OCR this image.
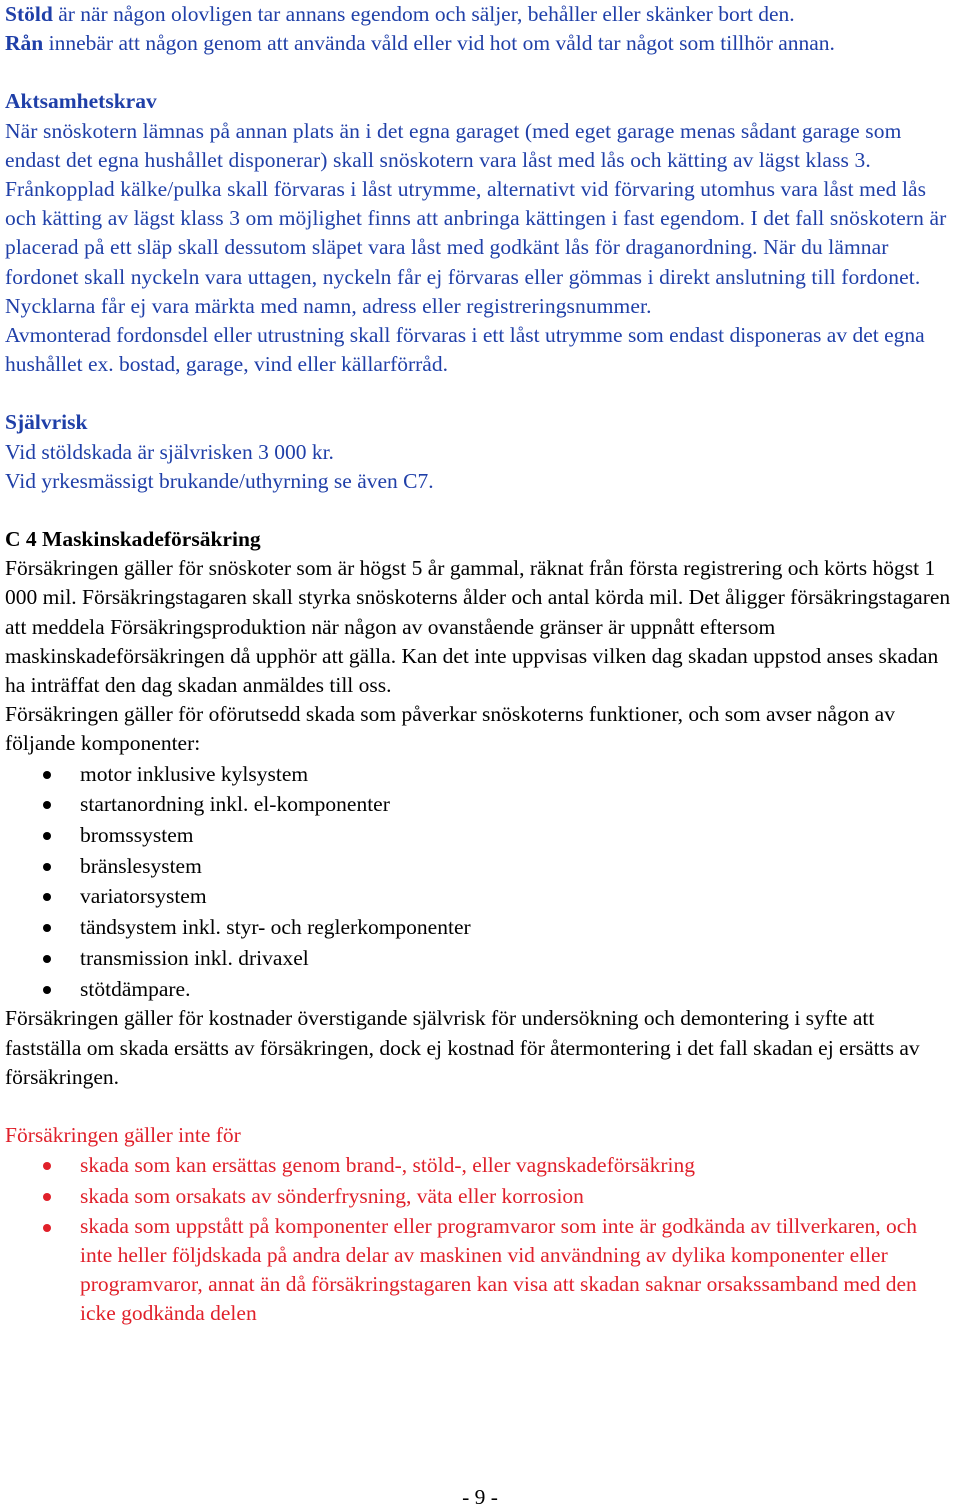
Stöld är när någon olovligen tar annans egendom och säljer, behåller eller skänker bort den.

Rån innebär att någon genom att använda våld eller vid hot om våld tar något som tillhör annan.

Aktsamhetskrav

När snöskotern lämnas på annan plats än i det egna garaget (med eget garage menas sådant garage som endast det egna hushållet disponerar) skall snöskotern vara låst med lås och kätting av lägst klass 3. Frånkopplad kälke/pulka skall förvaras i låst utrymme, alternativt vid förvaring utomhus vara låst med lås och kätting av lägst klass 3 om möjlighet finns att anbringa kättingen i fast egendom. I det fall snöskotern är placerad på ett släp skall dessutom släpet vara låst med godkänt lås för draganordning. När du lämnar fordonet skall nyckeln vara uttagen, nyckeln får ej förvaras eller gömmas i direkt anslutning till fordonet. Nycklarna får ej vara märkta med namn, adress eller registreringsnummer.

Avmonterad fordonsdel eller utrustning skall förvaras i ett låst utrymme som endast disponeras av det egna hushållet ex. bostad, garage, vind eller källarförråd.

Självrisk

Vid stöldskada är självrisken 3 000 kr.

Vid yrkesmässigt brukande/uthyrning se även C7.

C 4 Maskinskadeförsäkring

Försäkringen gäller för snöskoter som är högst 5 år gammal, räknat från första registrering och körts högst 1 000 mil. Försäkringstagaren skall styrka snöskoterns ålder och antal körda mil. Det åligger försäkringstagaren att meddela Försäkringsproduktion när någon av ovanstående gränser är uppnått eftersom maskinskadeförsäkringen då upphör att gälla. Kan det inte uppvisas vilken dag skadan uppstod anses skadan ha inträffat den dag skadan anmäldes till oss.

Försäkringen gäller för oförutsedd skada som påverkar snöskoterns funktioner, och som avser någon av följande komponenter:

motor inklusive kylsystem
startanordning inkl. el-komponenter
bromssystem
bränslesystem
variatorsystem
tändsystem inkl. styr- och reglerkomponenter
transmission inkl. drivaxel
stötdämpare.

Försäkringen gäller för kostnader överstigande självrisk för undersökning och demontering i syfte att fastställa om skada ersätts av försäkringen, dock ej kostnad för återmontering i det fall skadan ej ersätts av försäkringen.

Försäkringen gäller inte för

skada som kan ersättas genom brand-, stöld-, eller vagnskadeförsäkring
skada som orsakats av sönderfrysning, väta eller korrosion
skada som uppstått på komponenter eller programvaror som inte är godkända av tillverkaren, och inte heller följdskada på andra delar av maskinen vid användning av dylika komponenter eller programvaror, annat än då försäkringstagaren kan visa att skadan saknar orsakssamband med den icke godkända delen
- 9 -
